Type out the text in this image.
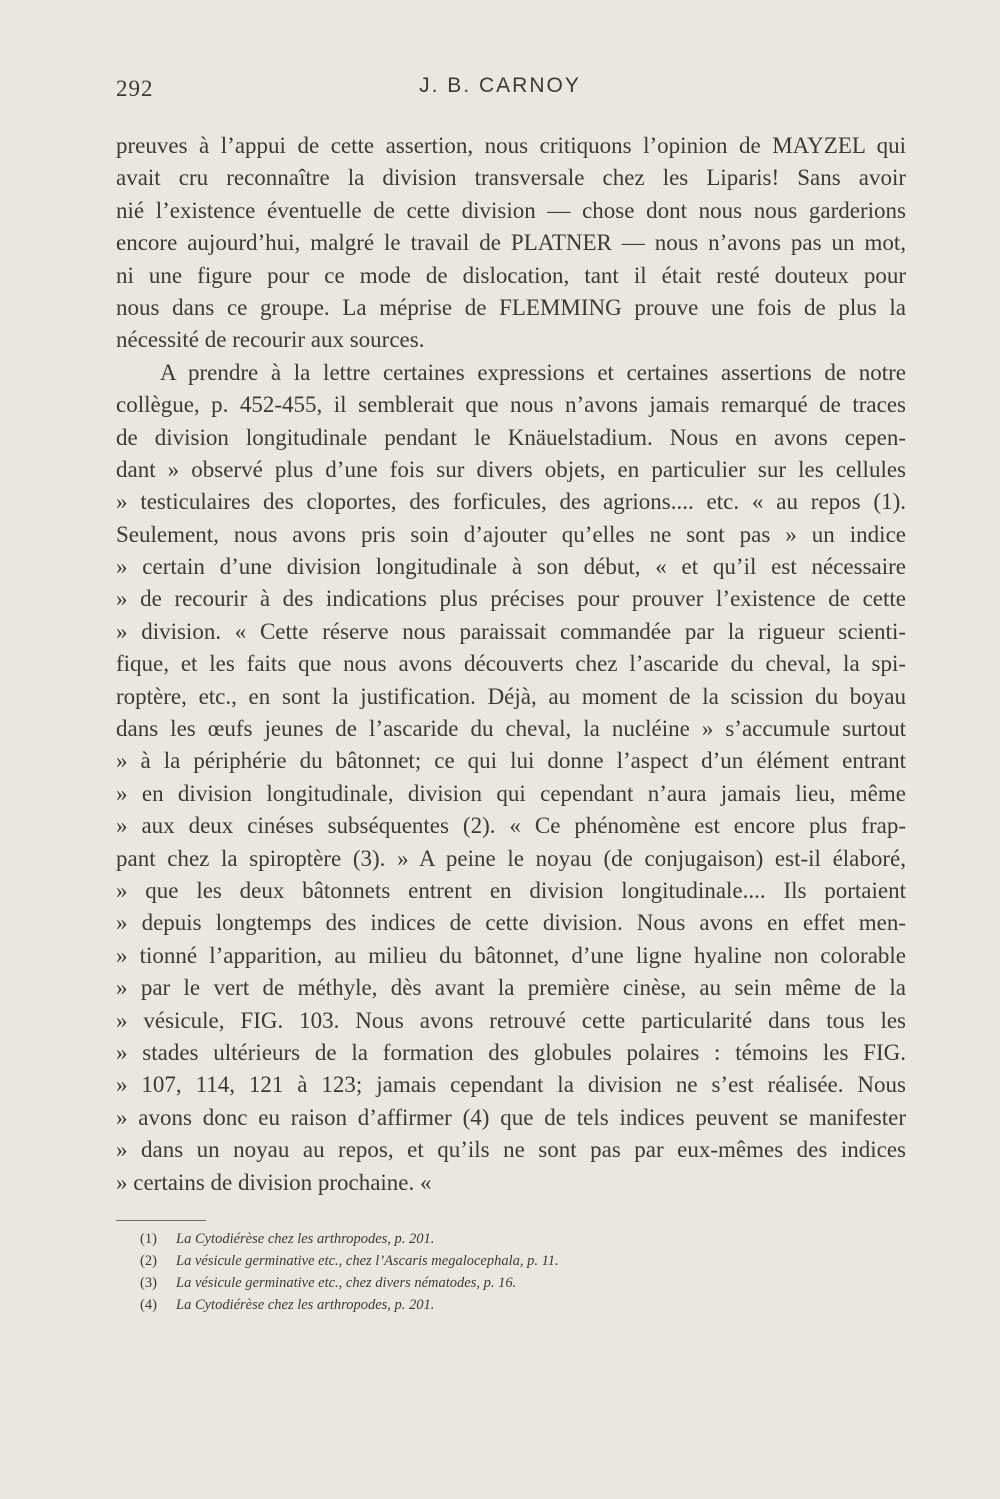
292	J. B. CARNOY
preuves à l’appui de cette assertion, nous critiquons l’opinion de MAYZEL qui
avait cru reconnaître la division transversale chez les Liparis! Sans avoir
nié l’existence éventuelle de cette division — chose dont nous nous garderions
encore aujourd’hui, malgré le travail de PLATNER — nous n’avons pas un mot,
ni une figure pour ce mode de dislocation, tant il était resté douteux pour
nous dans ce groupe. La méprise de FLEMMING prouve une fois de plus la
nécessité de recourir aux sources.
A prendre à la lettre certaines expressions et certaines assertions de notre
collègue, p. 452-455, il semblerait que nous n’avons jamais remarqué de traces
de division longitudinale pendant le Knäuelstadium. Nous en avons cepen-
dant » observé plus d’une fois sur divers objets, en particulier sur les cellules
» testiculaires des cloportes, des forficules, des agrions.... etc. « au repos (1).
Seulement, nous avons pris soin d’ajouter qu’elles ne sont pas » un indice
» certain d’une division longitudinale à son début, « et qu’il est nécessaire
» de recourir à des indications plus précises pour prouver l’existence de cette
» division. « Cette réserve nous paraissait commandée par la rigueur scienti-
fique, et les faits que nous avons découverts chez l’ascaride du cheval, la spi-
roptère, etc., en sont la justification. Déjà, au moment de la scission du boyau
dans les œufs jeunes de l’ascaride du cheval, la nucléine » s’accumule surtout
» à la périphérie du bâtonnet; ce qui lui donne l’aspect d’un élément entrant
» en division longitudinale, division qui cependant n’aura jamais lieu, même
» aux deux cinéses subséquentes (2). « Ce phénomène est encore plus frap-
pant chez la spiroptère (3). » A peine le noyau (de conjugaison) est-il élaboré,
» que les deux bâtonnets entrent en division longitudinale.... Ils portaient
» depuis longtemps des indices de cette division. Nous avons en effet men-
» tionné l’apparition, au milieu du bâtonnet, d’une ligne hyaline non colorable
» par le vert de méthyle, dès avant la première cinèse, au sein même de la
» vésicule, FIG. 103. Nous avons retrouvé cette particularité dans tous les
» stades ultérieurs de la formation des globules polaires : témoins les FIG.
» 107, 114, 121 à 123; jamais cependant la division ne s’est réalisée. Nous
» avons donc eu raison d’affirmer (4) que de tels indices peuvent se manifester
» dans un noyau au repos, et qu’ils ne sont pas par eux-mêmes des indices
» certains de division prochaine. «
(1) La Cytodiérèse chez les arthropodes, p. 201.
(2) La vésicule germinative etc., chez l’Ascaris megalocephala, p. 11.
(3) La vésicule germinative etc., chez divers nématodes, p. 16.
(4) La Cytodiérèse chez les arthropodes, p. 201.
